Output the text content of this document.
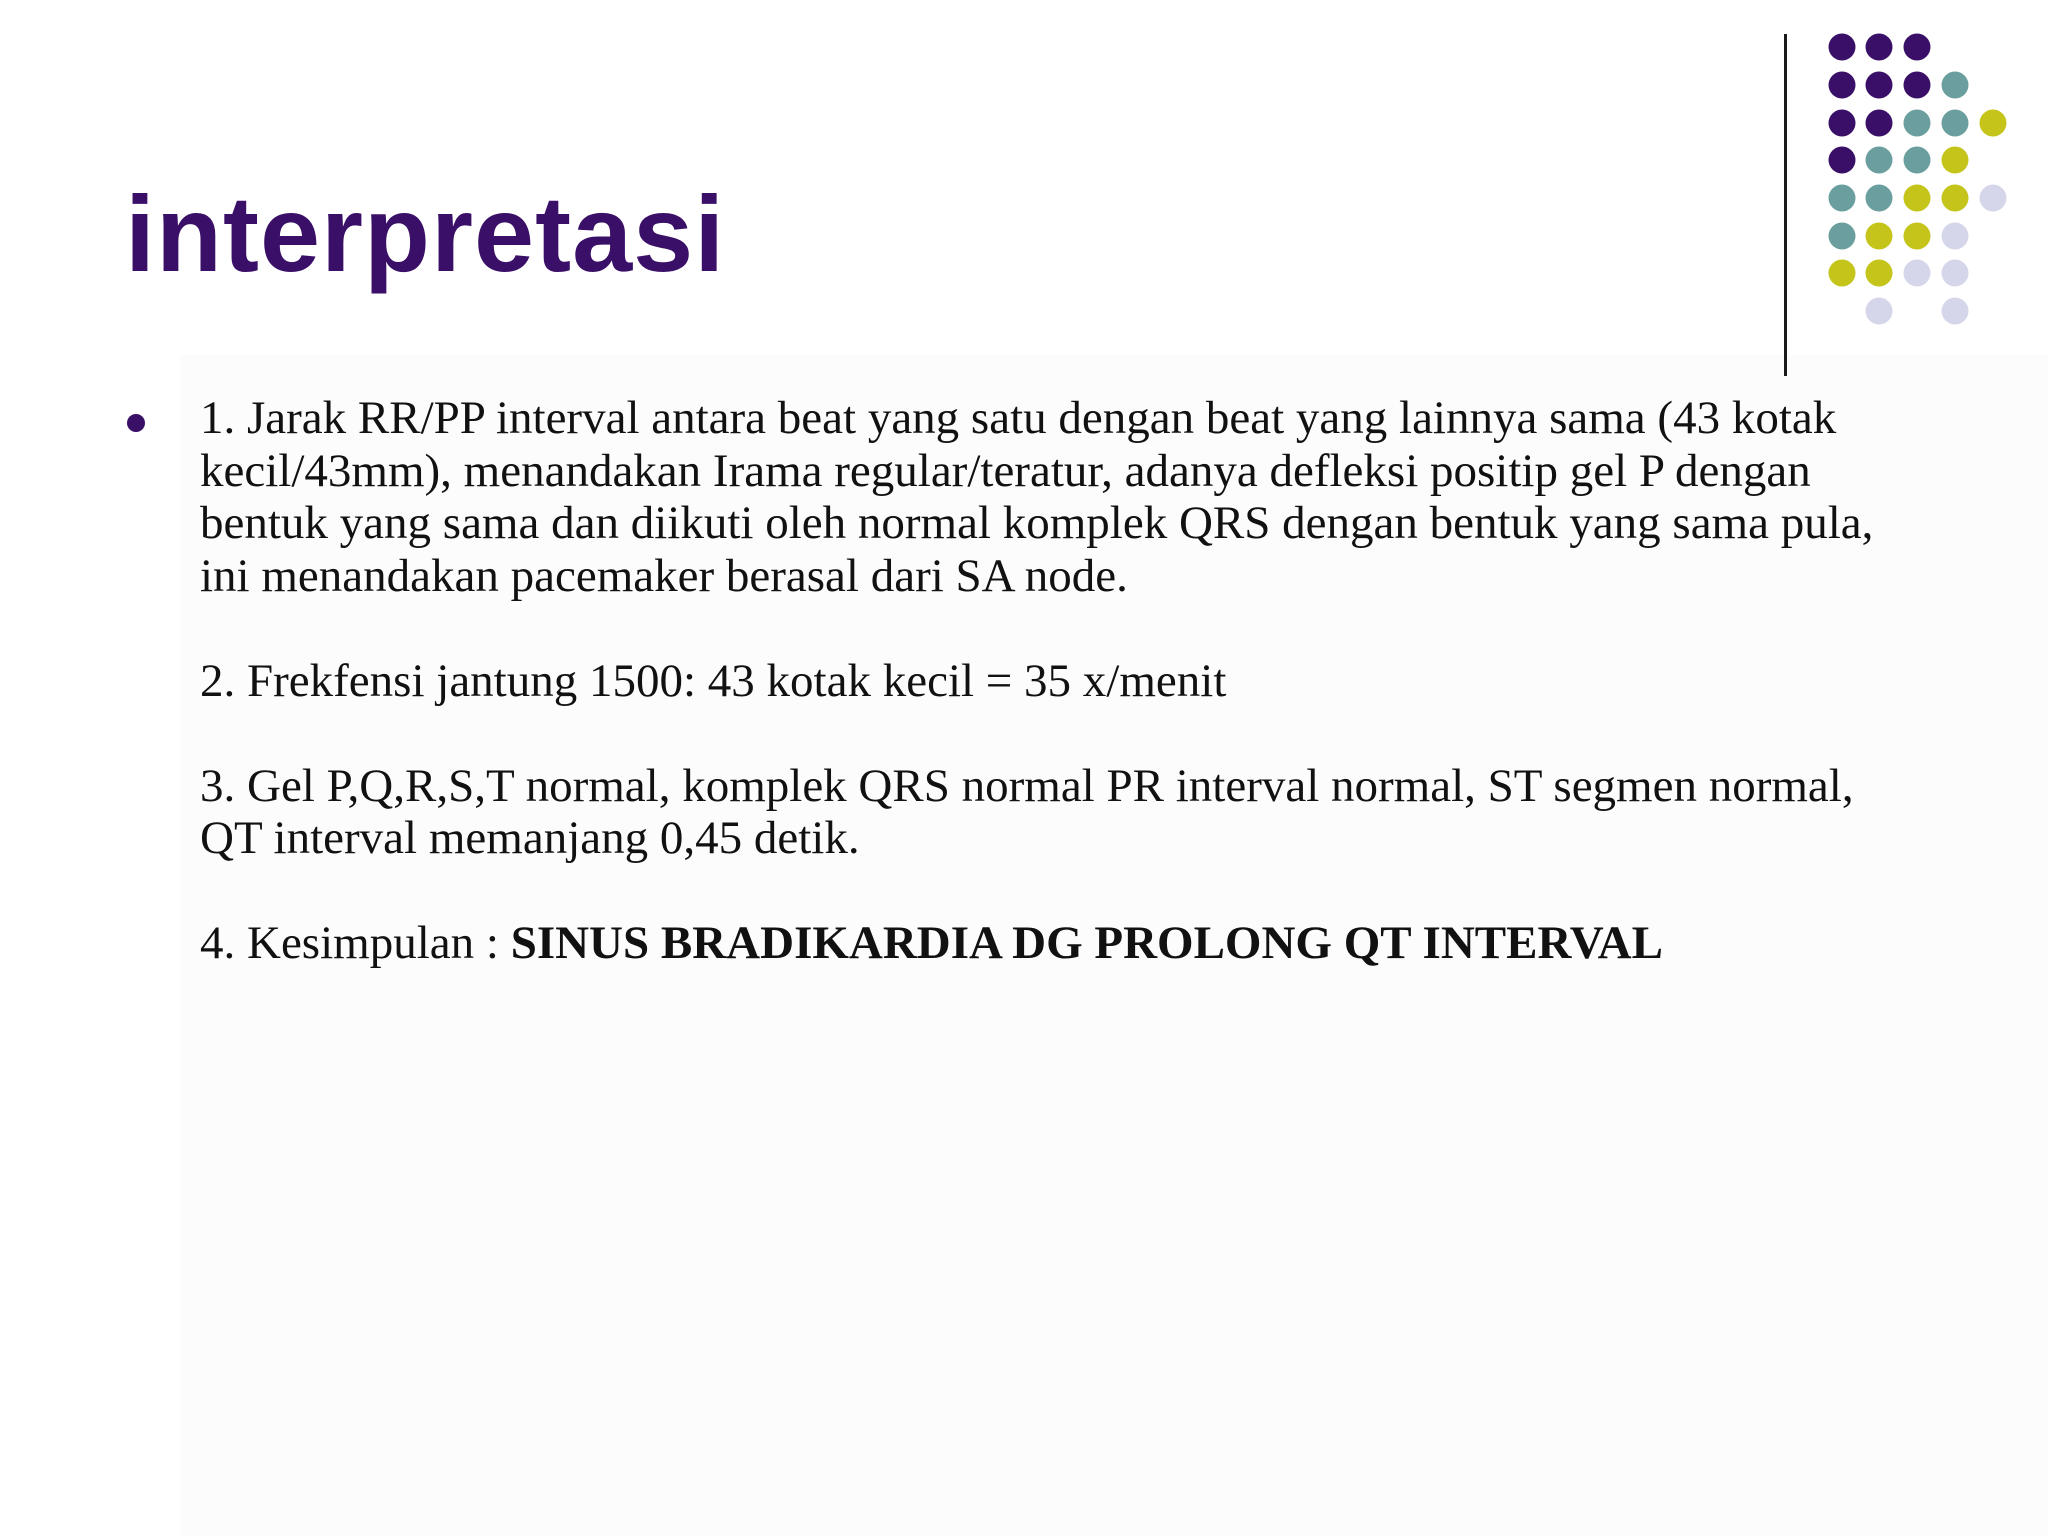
interpretasi

1. Jarak RR/PP interval antara beat yang satu dengan beat yang lainnya sama (43 kotak kecil/43mm), menandakan Irama regular/teratur, adanya defleksi positip gel P dengan bentuk yang sama dan diikuti oleh normal komplek QRS dengan bentuk yang sama pula, ini menandakan pacemaker berasal dari SA node.

2. Frekfensi jantung 1500: 43 kotak kecil = 35 x/menit

3. Gel P,Q,R,S,T normal, komplek QRS normal PR interval normal, ST segmen normal, QT interval memanjang 0,45 detik.

4. Kesimpulan : SINUS BRADIKARDIA DG PROLONG QT INTERVAL
